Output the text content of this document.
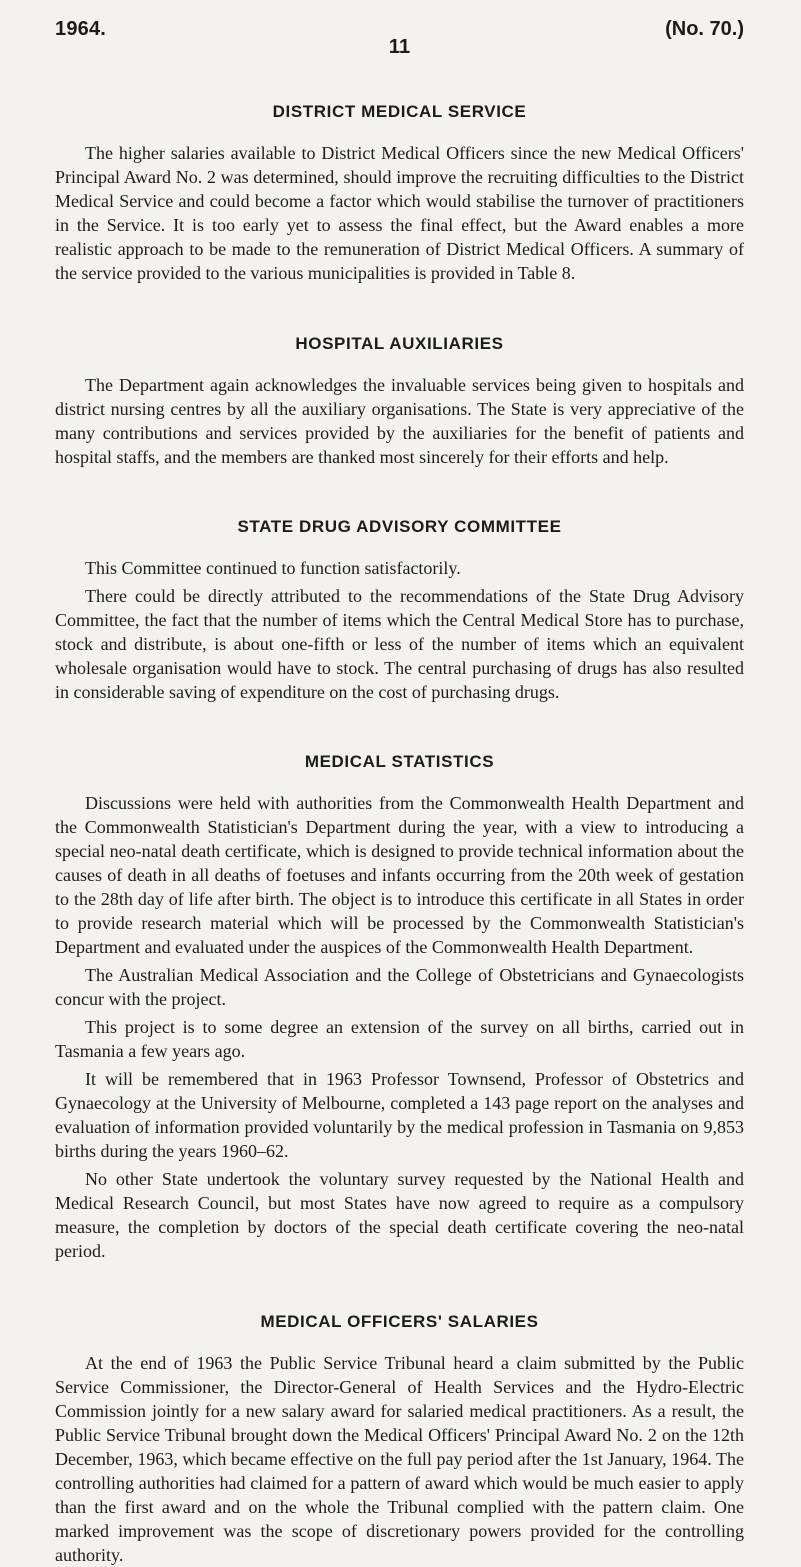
1964.	(No. 70.)
11
DISTRICT MEDICAL SERVICE

The higher salaries available to District Medical Officers since the new Medical Officers' Principal Award No. 2 was determined, should improve the recruiting difficulties to the District Medical Service and could become a factor which would stabilise the turnover of practitioners in the Service. It is too early yet to assess the final effect, but the Award enables a more realistic approach to be made to the remuneration of District Medical Officers. A summary of the service provided to the various municipalities is provided in Table 8.

HOSPITAL AUXILIARIES

The Department again acknowledges the invaluable services being given to hospitals and district nursing centres by all the auxiliary organisations. The State is very appreciative of the many contributions and services provided by the auxiliaries for the benefit of patients and hospital staffs, and the members are thanked most sincerely for their efforts and help.

STATE DRUG ADVISORY COMMITTEE

This Committee continued to function satisfactorily.

There could be directly attributed to the recommendations of the State Drug Advisory Committee, the fact that the number of items which the Central Medical Store has to purchase, stock and distribute, is about one-fifth or less of the number of items which an equivalent wholesale organisation would have to stock. The central purchasing of drugs has also resulted in considerable saving of expenditure on the cost of purchasing drugs.

MEDICAL STATISTICS

Discussions were held with authorities from the Commonwealth Health Department and the Commonwealth Statistician's Department during the year, with a view to introducing a special neo-natal death certificate, which is designed to provide technical information about the causes of death in all deaths of foetuses and infants occurring from the 20th week of gestation to the 28th day of life after birth. The object is to introduce this certificate in all States in order to provide research material which will be processed by the Commonwealth Statistician's Department and evaluated under the auspices of the Commonwealth Health Department.

The Australian Medical Association and the College of Obstetricians and Gynaecologists concur with the project.

This project is to some degree an extension of the survey on all births, carried out in Tasmania a few years ago.

It will be remembered that in 1963 Professor Townsend, Professor of Obstetrics and Gynaecology at the University of Melbourne, completed a 143 page report on the analyses and evaluation of information provided voluntarily by the medical profession in Tasmania on 9,853 births during the years 1960–62.

No other State undertook the voluntary survey requested by the National Health and Medical Research Council, but most States have now agreed to require as a compulsory measure, the completion by doctors of the special death certificate covering the neo-natal period.

MEDICAL OFFICERS' SALARIES

At the end of 1963 the Public Service Tribunal heard a claim submitted by the Public Service Commissioner, the Director-General of Health Services and the Hydro-Electric Commission jointly for a new salary award for salaried medical practitioners. As a result, the Public Service Tribunal brought down the Medical Officers' Principal Award No. 2 on the 12th December, 1963, which became effective on the full pay period after the 1st January, 1964. The controlling authorities had claimed for a pattern of award which would be much easier to apply than the first award and on the whole the Tribunal complied with the pattern claim. One marked improvement was the scope of discretionary powers provided for the controlling authority.
